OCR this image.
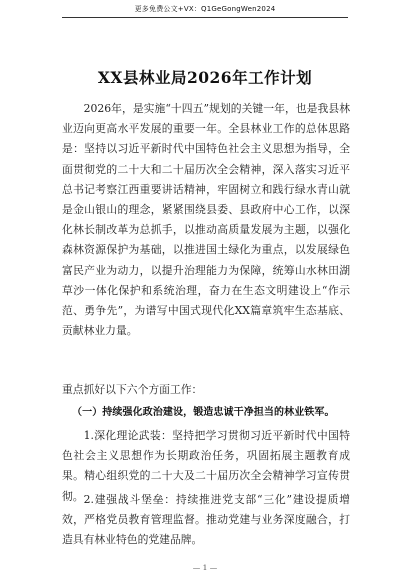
更多免费公文+VX：Q1GeGongWen2024
XX县林业局2026年工作计划
2026年，是实施“十四五”规划的关键一年，也是我县林业迈向更高水平发展的重要一年。全县林业工作的总体思路是：坚持以习近平新时代中国特色社会主义思想为指导，全面贯彻党的二十大和二十届历次全会精神，深入落实习近平总书记考察江西重要讲话精神，牢固树立和践行绿水青山就是金山银山的理念，紧紧围绕县委、县政府中心工作，以深化林长制改革为总抓手，以推动高质量发展为主题，以强化森林资源保护为基础，以推进国土绿化为重点，以发展绿色富民产业为动力，以提升治理能力为保障，统筹山水林田湖草沙一体化保护和系统治理，奋力在生态文明建设上“作示范、勇争先”，为谱写中国式现代化XX篇章筑牢生态基底、贡献林业力量。
重点抓好以下六个方面工作：
（一）持续强化政治建设，锻造忠诚干净担当的林业铁军。
1.深化理论武装：坚持把学习贯彻习近平新时代中国特色社会主义思想作为长期政治任务，巩固拓展主题教育成果。精心组织党的二十大及二十届历次全会精神学习宣传贯彻。 2.建强战斗堡垒：持续推进党支部“三化”建设提质增效，严格党员教育管理监督。推动党建与业务深度融合，打造具有林业特色的党建品牌。
— 1 —
